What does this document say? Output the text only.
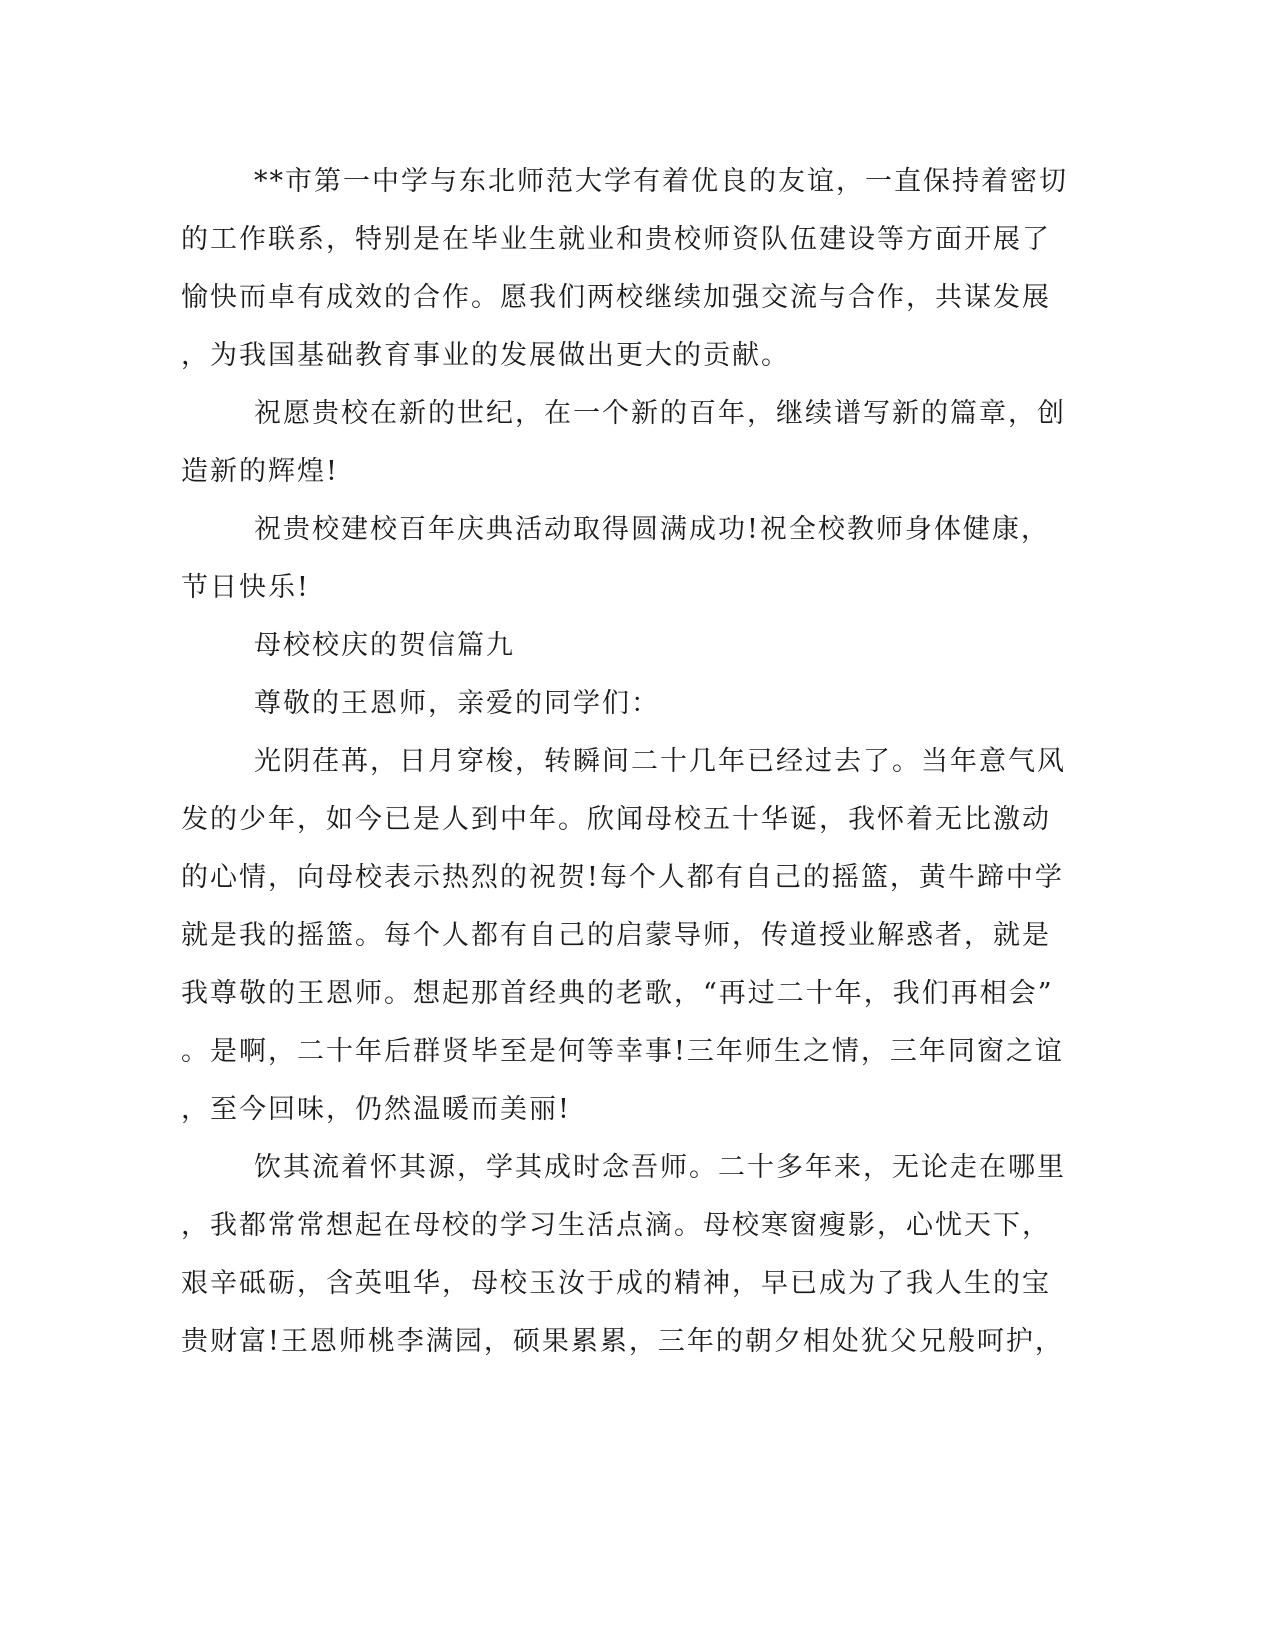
**市第一中学与东北师范大学有着优良的友谊，一直保持着密切
的工作联系，特别是在毕业生就业和贵校师资队伍建设等方面开展了
愉快而卓有成效的合作。愿我们两校继续加强交流与合作，共谋发展
，为我国基础教育事业的发展做出更大的贡献。
祝愿贵校在新的世纪，在一个新的百年，继续谱写新的篇章，创
造新的辉煌!
祝贵校建校百年庆典活动取得圆满成功!祝全校教师身体健康，
节日快乐!
母校校庆的贺信篇九
尊敬的王恩师，亲爱的同学们：
光阴荏苒，日月穿梭，转瞬间二十几年已经过去了。当年意气风
发的少年，如今已是人到中年。欣闻母校五十华诞，我怀着无比激动
的心情，向母校表示热烈的祝贺!每个人都有自己的摇篮，黄牛蹄中学
就是我的摇篮。每个人都有自己的启蒙导师，传道授业解惑者，就是
我尊敬的王恩师。想起那首经典的老歌，“再过二十年，我们再相会”
。是啊，二十年后群贤毕至是何等幸事!三年师生之情，三年同窗之谊
，至今回味，仍然温暖而美丽!
饮其流着怀其源，学其成时念吾师。二十多年来，无论走在哪里
，我都常常想起在母校的学习生活点滴。母校寒窗瘦影，心忧天下，
艰辛砥砺，含英咀华，母校玉汝于成的精神，早已成为了我人生的宝
贵财富!王恩师桃李满园，硕果累累，三年的朝夕相处犹父兄般呵护，
